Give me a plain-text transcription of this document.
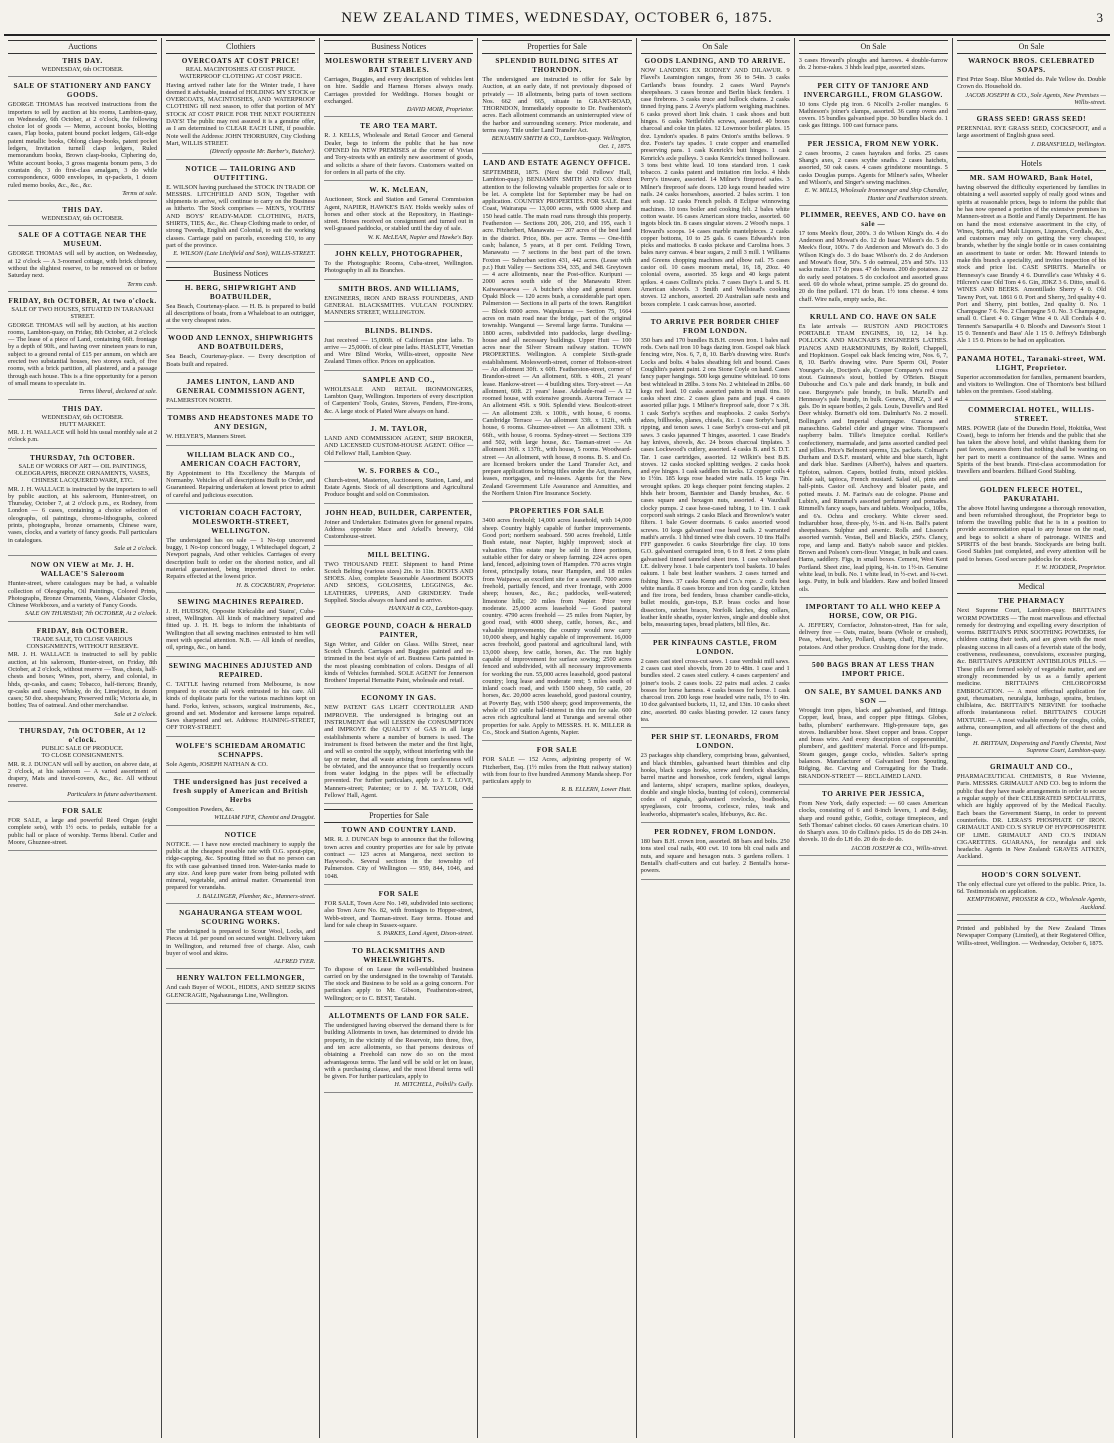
NEW ZEALAND TIMES, WEDNESDAY, OCTOBER 6, 1875.	3
Auctions
THIS DAY.
WEDNESDAY, 6th OCTOBER.
SALE OF STATIONERY AND FANCY GOODS.

GEORGE THOMAS has received instructions from the importers to sell by auction at his rooms, Lambton-quay, on Wednesday, 6th October, at 2 o'clock, the following choice lot of goods — Memo, account books, blotting cases, Flap books, patent bound pocket ledgers, Gilt-edge patent metallic books, Oblong clasp-books, patent pocket ledgers, Invitation turnell clasp ledgers, Ruled memorandum books, Brown clasp-books, Ciphering do, White account books, 3 gross magenta bonum pens, 3 do countain do, 3 do first-class amalgam, 3 do while correspondence, 6000 envelopes, in qr-packets, 1 dozen ruled memo books, &c., &c., &c.

Terms at sale.
THIS DAY.
WEDNESDAY, 6th OCTOBER.
SALE OF A COTTAGE NEAR THE MUSEUM.

GEORGE THOMAS will sell by auction, on Wednesday, at 12 o'clock — A 3-roomed cottage, with brick chimney, without the slightest reserve, to be removed on or before Saturday next.

Terms cash.
FRIDAY, 8th OCTOBER, At two o'clock.
SALE OF TWO HOUSES, SITUATED IN TARANAKI STREET.

GEORGE THOMAS will sell by auction, at his auction rooms, Lambton-quay, on Friday, 8th October, at 2 o'clock — The lease of a piece of Land, containing 66ft. frontage by a depth of 90ft., and having over nineteen years to run, subject to a ground rental of £15 per annum, on which are erected two substantial houses, two storeys each, of five rooms, with a brick partition, all plastered, and a passage through each house. This is a fine opportunity for a person of small means to speculate in.

Terms liberal, declared at sale.
THIS DAY.
WEDNESDAY, 6th OCTOBER.
HUTT MARKET.

MR. J. H. WALLACE will hold his usual monthly sale at 2 o'clock p.m.

THURSDAY, 7th OCTOBER.
SALE OF WORKS OF ART — OIL PAINTINGS, OLEOGRAPHS, BRONZE ORNAMENTS, VASES, CHINESE LACQUERED WARE, ETC.

MR. J. H. WALLACE is instructed by the importers to sell by public auction, at his saleroom, Hunter-street, on Thursday, October 7, at 2 o'clock p.m., ex Rodney, from London — 6 cases, containing a choice selection of oleographs, oil paintings, chromo-lithographs, colored prints, photographs, bronze ornaments, Chinese ware, vases, clocks, and a variety of fancy goods. Full particulars in catalogues.

Sale at 2 o'clock.
NOW ON VIEW at Mr. J. H. WALLACE'S Saleroom

Hunter-street, where catalogues may be had, a valuable collection of Oleographs, Oil Paintings, Colored Prints, Photographs, Bronze Ornaments, Vases, Alabaster Clocks, Chinese Workboxes, and a variety of Fancy Goods.

SALE ON THURSDAY, 7th OCTOBER, At 2 o'clock.
FRIDAY, 8th OCTOBER.
TRADE SALE, TO CLOSE VARIOUS CONSIGNMENTS, WITHOUT RESERVE.

MR. J. H. WALLACE is instructed to sell by public auction, at his saleroom, Hunter-street, on Friday, 8th October, at 2 o'clock, without reserve — Teas, chests, half-chests and boxes; Wines, port, sherry, and colonial, in hhds, qr-casks, and cases; Tobacco, half-tierces; Brandy, qr-casks and cases; Whisky, do do; Limejuice, in dozen cases; 50 doz. sheepshears; Preserved milk; Victoria ale, in bottles; Tea of oatmeal. And other merchandise.

Sale at 2 o'clock.
THURSDAY, 7th OCTOBER, At 12 o'clock.
PUBLIC SALE OF PRODUCE.
TO CLOSE CONSIGNMENTS.

MR. R. J. DUNCAN will sell by auction, on above date, at 2 o'clock, at his saleroom — A varied assortment of drapery, Mats and travel-covers, &c., &c. All without reserve.

Particulars in future advertisement.
FOR SALE

FOR SALE, a large and powerful Reed Organ (eight complete sets), with 1½ octs. to pedals, suitable for a public hall or place of worship. Terms liberal. Cutler and Moore, Ghuznee-street.

Clothiers
OVERCOATS AT COST PRICE!
REAL MACINTOSHES AT COST PRICE.
WATERPROOF CLOTHING AT COST PRICE.

Having arrived rather late for the Winter trade, I have deemed it advisable, instead of HOLDING MY STOCK or OVERCOATS, MACINTOSHES, AND WATERPROOF CLOTHING till next season, to offer that portion of MY STOCK AT COST PRICE FOR THE NEXT FOURTEEN DAYS! The public may rest assured it is a genuine offer, as I am determined to CLEAR EACH LINE, if possible. Note well the Address: JOHN THORBURN, City Clothing Mart, WILLIS STREET.

(Directly opposite Mr. Barber's, Butcher).
NOTICE — TAILORING AND OUTFITTING.

E. WILSON having purchased the STOCK IN TRADE OF MESSRS. LITCHFIELD AND SON, Together with shipments to arrive, will continue to carry on the Business as hitherto. The Stock comprises — MEN'S, YOUTHS' AND BOYS' READY-MADE CLOTHING, HATS, SHIRTS, TIES, &c., &c. Cheap Clothing made to order, of strong Tweeds, English and Colonial, to suit the working classes. Carriage paid on parcels, exceeding £10, to any part of the province.

E. WILSON (Late Litchfield and Son), WILLIS-STREET.
Business Notices
H. BERG, SHIPWRIGHT AND BOATBUILDER,

Sea Beach, Courtenay-place. — H. B. is prepared to build all descriptions of boats, from a Whaleboat to an outrigger, at the very cheapest rates.

WOOD AND LENNOX, SHIPWRIGHTS AND BOATBUILDERS,

Sea Beach, Courtenay-place. — Every description of Boats built and repaired.

JAMES LINTON, LAND AND GENERAL COMMISSION AGENT,

PALMERSTON NORTH.

TOMBS AND HEADSTONES MADE TO ANY DESIGN,

W. HELYER'S, Manners Street.

WILLIAM BLACK AND CO., AMERICAN COACH FACTORY,

By Appointment to His Excellency the Marquis of Normanby. Vehicles of all descriptions Built to Order, and Guaranteed. Repairing undertaken at lowest price to admit of careful and judicious execution.

VICTORIAN COACH FACTORY, MOLESWORTH-STREET, WELLINGTON.

The undersigned has on sale — 1 No-top uncovered buggy, 1 No-top concord buggy, 1 Whitechapel dogcart, 2 Newport pagnals, And other vehicles. Carriages of every description built to order on the shortest notice, and all material guaranteed, being imported direct to order. Repairs effected at the lowest price.

H. B. COCKBURN, Proprietor.
SEWING MACHINES REPAIRED.

J. H. HUDSON, Opposite Kirkcaldie and Stains', Cuba-street, Wellington. All kinds of machinery repaired and fitted up. J. H. H. begs to inform the inhabitants of Wellington that all sewing machines entrusted to him will meet with special attention. N.B. — All kinds of needles, oil, springs, &c., on hand.

SEWING MACHINES ADJUSTED AND REPAIRED.

C. TATTLE having returned from Melbourne, is now prepared to execute all work entrusted to his care. All kinds of duplicate parts for the various machines kept on hand. Forks, knives, scissors, surgical instruments, &c., ground and set. Moderator and kerosene lamps repaired. Saws sharpened and set. Address: HAINING-STREET, OFF TORY-STREET.

WOLFE'S SCHIEDAM AROMATIC SCHNAPPS.

Sole Agents, JOSEPH NATHAN & CO.

THE undersigned has just received a fresh supply of American and British Herbs

Composition Powders, &c.

WILLIAM FIFE, Chemist and Druggist.
NOTICE

NOTICE. — I have now erected machinery to supply the public at the cheapest possible rate with O.G. spout-pipe, ridge-capping, &c. Spouting fitted so that no person can fix with case galvanised tinned iron. Water-tanks made to any size. And keep pure water from being polluted with mineral, vegetable, and animal matter. Ornamental iron prepared for verandahs.

J. BALLINGER, Plumber, &c., Manners-street.
NGAHAURANGA STEAM WOOL SCOURING WORKS.

The undersigned is prepared to Scour Wool, Locks, and Pieces at 1d. per pound on secured weight. Delivery taken in Wellington, and returned free of charge. Also, cash buyer of wool and skins.

ALFRED TYER.
HENRY WALTON FELLMONGER,

And cash Buyer of WOOL, HIDES, AND SHEEP SKINS GLENCRAGIE, Ngahauranga Line, Wellington.

Business Notices
MOLESWORTH STREET LIVERY AND BAIT STABLES.

Carriages, Buggies, and every description of vehicles lent on hire. Saddle and Harness Horses always ready. Carriages provided for Weddings. Horses bought or exchanged.

DAVID MOIR, Proprietor.
TE ARO TEA MART.

R. J. KELLS, Wholesale and Retail Grocer and General Dealer, begs to inform the public that he has now OPENED his NEW PREMISES at the corner of Vivian and Tory-streets with an entirely new assortment of goods, and solicits a share of their favors. Customers waited on for orders in all parts of the city.

W. K. McLEAN,

Auctioneer, Stock and Station and General Commission Agent, NAPIER, HAWKE'S BAY. Holds weekly sales of horses and other stock at the Repository, in Hastings-street. Horses received on consignment and turned out in well-grassed paddocks, or stabled until the day of sale.

W. K. McLEAN, Napier and Hawke's Bay.
JOHN KELLY, PHOTOGRAPHER,

To the Photographic Rooms, Cuba-street, Wellington. Photography in all its Branches.

SMITH BROS. AND WILLIAMS,

ENGINEERS, IRON AND BRASS FOUNDERS, AND GENERAL BLACKSMITHS. VULCAN FOUNDRY. MANNERS STREET, WELLINGTON.

BLINDS. BLINDS.

Just received — 15,000ft. of Californian pine laths. To arrive — 25,000ft. of clear pine laths. HASLETT, Venetian and Wire Blind Works, Willis-street, opposite New Zealand Times office. Prices on application.

SAMPLE AND CO.,

WHOLESALE AND RETAIL IRONMONGERS, Lambton Quay, Wellington. Importers of every description of Carpenters' Tools, Grates, Stoves, Fenders, Fire-irons, &c. A large stock of Plated Ware always on hand.

J. M. TAYLOR,

LAND AND COMMISSION AGENT, SHIP BROKER, AND LICENSED CUSTOM-HOUSE AGENT. Office — Old Fellows' Hall, Lambton Quay.

W. S. FORBES & CO.,

Church-street, Masterton, Auctioneers, Station, Land, and Estate Agents. Stock of all descriptions and Agricultural Produce bought and sold on Commission.

JOHN HEAD, BUILDER, CARPENTER,

Joiner and Undertaker. Estimates given for general repairs. Address opposite Mace and Arkell's brewery, Old Customhouse-street.

MILL BELTING.

TWO THOUSAND FEET. Shipment to hand Prime Scotch Belting (various sizes) 2in. to 11in. BOOTS AND SHOES. Also, complete Seasonable Assortment BOOTS AND SHOES, GOLOSHES, LEGGINGS, &c. LEATHERS, UPPERS, AND GRINDERY. Trade Supplied. Stocks always on hand and to arrive.

HANNAH & CO., Lambton-quay.
GEORGE POUND, COACH & HERALD PAINTER,

Sign Writer, and Gilder on Glass. Willis Street, near Scotch Church. Carriages and Buggies painted and re-trimmed in the best style of art. Business Carts painted in the most pleasing combination of colors. Designs of all kinds of Vehicles furnished. SOLE AGENT for Jennerson Brothers' Imperial Hematite Paint, wholesale and retail.

ECONOMY IN GAS.

NEW PATENT GAS LIGHT CONTROLLER AND IMPROVER. The undersigned is bringing out an INSTRUMENT that will LESSEN the CONSUMPTION and IMPROVE the QUALITY of GAS in all large establishments where a number of burners is used. The instrument is fixed between the meter and the first light, and will so control the supply, without interfering with the tap or meter, that all waste arising from carelessness will be obviated, and the annoyance that so frequently occurs from water lodging in the pipes will be effectually prevented. For further particulars, apply to J. T. LOVE, Manners-street; Patentee; or to J. M. TAYLOR, Odd Fellows' Hall, Agent.

Properties for Sale
TOWN AND COUNTRY LAND.

MR. R. J. DUNCAN begs to announce that the following town acres and country properties are for sale by private contract — 123 acres at Mangaroa, next section to Haywood's. Several sections in the township of Palmerston. City of Wellington — 959, 844, 1046, and 1048.

FOR SALE

FOR SALE, Town Acre No. 149, subdivided into sections; also Town Acre No. 82, with frontages to Hopper-street, Webb-street, and Tasman-street. Easy terms. House and land for sale cheap in Sussex-square.

S. PARKES, Land Agent, Dixon-street.
TO BLACKSMITHS AND WHEELWRIGHTS.

To dispose of on Lease the well-established business carried on by the undersigned in the township of Taratahi. The stock and Business to be sold as a going concern. For particulars apply to Mr. Gibson, Featherston-street, Wellington; or to C. BEST, Taratahi.

ALLOTMENTS OF LAND FOR SALE.

The undersigned having observed the demand there is for building Allotments in town, has determined to divide his property, in the vicinity of the Reservoir, into three, five, and ten acre allotments, so that persons desirous of obtaining a Freehold can now do so on the most advantageous terms. The land will be sold or let on lease, with a purchasing clause, and the most liberal terms will be given. For further particulars, apply to

H. MITCHELL, Polhill's Gully.
Properties for Sale
SPLENDID BUILDING SITES AT THORNDON.

The undersigned are instructed to offer for Sale by Auction, at an early date, if not previously disposed of privately — 18 allotments, being parts of town sections Nos. 662 and 665, situate in GRANT-ROAD, THORNDON, Immediately opposite to Dr. Featherston's acres. Each allotment commands an uninterrupted view of the harbor and surrounding scenery. Price moderate, and terms easy. Title under Land Transfer Act.

BENJAMIN SMITH & CO., Lambton-quay. Wellington, Oct. 1, 1875.
LAND AND ESTATE AGENCY OFFICE.

SEPTEMBER, 1875. (Next the Odd Fellows' Hall, Lambton-quay.) BENJAMIN SMITH AND CO. direct attention to the following valuable properties for sale or to be let. A complete list for September may be had on application. COUNTRY PROPERTIES. FOR SALE. East Coast, Wairarapa — 13,000 acres, with 6000 sheep and 150 head cattle. The main road runs through this property. Featherston — Sections 200, 206, 210, and 195, each 1 acre. Fitzherbert, Manawatu — 207 acres of the best land in the district. Price, 80s. per acre. Terms — One-fifth cash; balance, 5 years, at 8 per cent. Feilding Town, Manawatu — 7 sections in the best part of the town. Foxton — Suburban section 431, 442 acres. (Lease with p.r.) Hutt Valley — Sections 334, 335, and 348. Greytown — 4 acre allotments, near the Post-office. Kuripuni — 2000 acres south side of the Manawatu River. Kaiwaewaewa — A butcher's shop and general store. Opaki Block — 120 acres bush, a considerable part open. Palmerston — Sections in all parts of the town. Rangitikei — Block 6000 acres. Waipukurau — Section 75, 1664 acres on main road near the bridge, part of the original township. Wanganui — Several large farms. Turakina — 1800 acres, subdivided into paddocks, large dwelling-house and all necessary buildings. Upper Hutt — 100 acres near the Silver Stream railway station. TOWN PROPERTIES. Wellington. A complete Sixth-grade establishment. Molesworth-street, corner of Hobson-street — An allotment 30ft. x 60ft. Featherston-street, corner of Brandon-street — An allotment, 60ft. x 40ft., 21 years' lease. Hankow-street — 4 building sites. Tory-street — An allotment, 60ft. 21 years' lease. Adelaide-road — A 12 roomed house, with extensive grounds. Aurora Terrace — An allotment 45ft. x 90ft. Splendid view. Boulcott-street — An allotment 23ft. x 100ft., with house, 6 rooms. Cambridge Terrace — An allotment 33ft. x 112ft., with house, 6 rooms. Ghuznee-street — An allotment 33ft. x 66ft., with house, 6 rooms. Sydney-street — Sections 339 and 502, with large house, &c. Tasman-street — An allotment 36ft. x 137ft., with house, 5 rooms. Woodward-street — An allotment, with house, 8 rooms. B. S. and Co. are licensed brokers under the Land Transfer Act, and prepare applications to bring titles under the Act, transfers, leases, mortgages, and re-leases. Agents for the New Zealand Government Life Assurance and Annuities, and the Northern Union Fire Insurance Society.

PROPERTIES FOR SALE

3400 acres freehold; 14,000 acres leasehold, with 14,000 sheep. Country highly capable of further improvements. Good port; northern seaboard. 590 acres freehold, Little Bush estate, near Napier, highly improved; stock at valuation. This estate may be sold in three portions, suitable either for dairy or sheep farming. 224 acres open land, fenced, adjoining town of Hampden. 770 acres virgin forest, principally totara, near Hampden, and 18 miles from Waipawa; an excellent site for a sawmill. 7000 acres freehold, partially fenced, and river frontage, with 2000 sheep; houses, &c., &c.; paddocks, well-watered; limestone hills; 20 miles from Napier. Price very moderate. 25,000 acres leasehold — Good pastoral country. 4790 acres freehold — 25 miles from Napier, by good road, with 4000 sheep, cattle, horses, &c., and valuable improvements; the country would now carry 10,000 sheep, and highly capable of improvement. 16,000 acres freehold, good pastoral and agricultural land, with 13,000 sheep, few cattle, horses, &c. The run highly capable of improvement for surface sowing; 2500 acres fenced and subdivided, with all necessary improvements for working the run. 55,000 acres leasehold, good pastoral country; long lease and moderate rent; 5 miles south of inland coach road, and with 1500 sheep, 50 cattle, 20 horses, &c. 20,000 acres leasehold, good pastoral country, at Poverty Bay, with 1500 sheep; good improvements, the whole of 150 cattle half-interest in this run for sale. 600 acres rich agricultural land at Turanga and several other properties for sale. Apply to MESSRS. H. K. MILLER & Co., Stock and Station Agents, Napier.

FOR SALE

FOR SALE — 152 Acres, adjoining property of W. Fitzherbert, Esq. (1½ miles from the Hutt railway station) with from four to five hundred Ammony Manda sheep. For particulars apply to

R. B. ELLERN, Lower Hutt.
On Sale
GOODS LANDING, AND TO ARRIVE.

NOW LANDING EX RODNEY AND DILAWUR. 9 Flavel's Leamington ranges, from 36 to 54in. 3 casks Cartland's brass foundry. 2 cases Ward Payne's sheepshears. 3 cases bronze and Berlin black fenders. 1 case firebrons. 3 casks truce and bullock chains. 2 casks tinned frying pans. 2 Avery's platform weighing machines. 6 casks proved short link chain. 1 cask shoes and butt hinges. 6 casks Nettlefold's screws, assorted. 40 boxes charcoal and coke tin plates. 12 Lowmoor boiler plates. 15 doz. Lyndon's spades. 8 pairs Onion's smiths bellows. 9 doz. Foster's tay spades. 1 crate copper and enamelled preserving pans. 1 cask Kenrick's butt hinges. 1 cask Kenrick's axle pulleys. 3 casks Kenrick's tinned holloware. 3 tons best white lead. 10 tons standard iron. 1 cask tobacco. 2 casks patent and imitation rim locks. 4 hhds Perry's tinware, assorted. 14 Milner's fireproof safes. 3 Milner's fireproof safe doors. 120 kegs round headed wire nails. 24 casks horseshoes, assorted. 2 bales scrim. 1 ton soft soap. 12 casks French polish. 8 Eclipse winnowing machines. 10 tons boiler and cooking felt. 2 bales white cotton waste. 16 cases American store tracks, assorted. 60 ingots block tin. 8 cases singular stoves. 2 Wood's rasps. 1 Howard's scoops. 14 cases marble mantelpieces. 2 casks copper bottoms, 10 to 25 gals. 6 cases Edwards's iron picks and mattocks. 8 casks pickaxe and Carolina hoes. 3 bales navy canvas. 4 bear sugars, 2 mill 3 mill. 1 Williams and Greens chopping machines and elbow rail. 75 cases castor oil. 10 cases mooram metal, 16, 18, 20oz. 40 colonial ovens, assorted. 35 kegs and 40 kegs patent spikes. 4 cases Collins's picks. 7 cases Day's L and S. H. American shovels. 3 Smith and Wellstead's cooking stoves. 12 anchors, assorted. 20 Australian safe nests and boxes complete. 1 cask canvas hose, assorted.

TO ARRIVE PER BORDER CHIEF FROM LONDON.

350 bars and 170 bundles B.B.H. crown iron. 1 bales nail rods. Cwts nail iron 10 bags dazing iron. Gospel oak black fencing wire, Nos. 6, 7, 8, 10. Barb's drawing wire. Rust's Locks and bolts. 4 bales sheathing felt and bound. Cases Coughlin's patent paint. 2 ons Stone Coyle on hand. Cases fancy paper hangings. 500 kegs genuine whitelead. 10 tons best whitelead in 28lbs. 3 tons No. 2 whitelead in 28lbs. 60 kegs red lead. 10 casks assorted paints in small tins. 10 casks sheet zinc. 2 cases glass pans and jugs. 4 cases assorted pillar jugs. 1 Milner's fireproof safe, door 7 x 3ft. 1 cask Sorby's scythes and reapbooks. 2 casks Sorby's adzes, billhooks, planes, chisels, &c. 1 case Sorby's hand, ripping, and tenon saws. 1 case Sorby's cross-cut and pit saws. 3 casks japanned T hinges, assorted. 1 case Brade's hay knives, shovels, &c. 24 boxes charcoal tinplates. 3 cases Lockwood's cutlery, assorted. 4 casks B. and S. D.T. Tar. 1 case cartridges, assorted. 12 Wilkin's best B.B. stoves. 12 casks stocked splitting wedges. 2 casks hook and eye hinges. 1 cask saddlers tin tacks. 12 copper coils 4 to 1½in. 185 kegs rose headed wire nails. 15 kegs 7in. wrought spikes. 20 kegs chequer point fencing staples. 2 hhds heir broom, Bannister and Dandy brushes, &c. 6 cases square and hexagon nuts, assorted. 4 Vauxhall clocky pumps. 2 case hose-cased tubing, 1 to 1in. 1 cask corpcord sash strings. 2 casks Black and Brownlow's water filters. 1 bale Gower doormats. 6 casks assorted wood screws. 10 kegs galvanised rose head nails. 2 warranted mathi's anvils. 1 hhd tinned wire dish covers. 10 tins Hall's FFF gunpowder. 6 casks Stourbridge fire clay. 10 tons G.O. galvanised corrugated iron, 6 to 8 feet. 2 tons plain galvanised tinned tanneled sheet iron. 1 case voltaneised I.E. delivery hose. 1 bale carpenter's tool baskets. 10 bales oakum. 1 bale best leather washers. 2 cases turned and fishing lines. 37 casks Kemp and Co.'s rope. 2 coils best white manila. 8 cases bronze and iron dog candle, kitchen and fire irons, bed fenders, brass chamber candle-sticks, bullet moulds, gun-tops, B.P. brass cocks and hose dissectors, ratchet braces, Norfolk latches, dog collars, leather knife sheaths, oyster knives, single and double shot belts, measuring tapes, bread platters, bill files, &c.

PER KINFAUNS CASTLE, FROM LONDON.

2 cases cast steel cross-cut saws. 1 case verdiski mill saws. 2 cases cast steel shovels, from 20 to 48in. 1 case and 1 bundles steel. 2 cases steel cutlery. 4 cases carpenters' and joiner's tools. 2 cases tools. 22 pairs mail axles. 2 casks bosses for horse harness. 4 casks bosses for horse. 1 cask charcoal iron. 200 kegs rose headed wire nails, 1½ to 4in. 10 doz galvanised buckets, 11, 12, and 13in. 10 casks sheet zinc, assorted. 80 casks blasting powder. 12 cases fancy tea.

PER SHIP ST. LEONARDS, FROM LONDON.

23 packages ship chandlery, comprising brass, galvanised, and black thimbles, galvanised heart thimbles and clip hooks, black cargo hooks, screw and forelock shackles, barrel marine and horseshoe, cork fenders, signal lamps and lanterns, ships' scrapers, marline spikes, deadeyes, double and single blocks, bunting (of colors), commercial codes of signals, galvanised rowlocks, boathooks, spyeglasses, coir brooms, corlesce, rules, teak and leadworks, shipmaster's scales, lifebuoys, &c. &c.

PER RODNEY, FROM LONDON.

180 bars B.H. crown iron, assorted. 88 bars and bolts. 250 tons steel coal nails, 400 cwt. 10 tons blt coal nails and nuts, and square and hexagon nuts. 3 gardens rollers. 1 Bentall's chaff-cutters and cut barley. 2 Bentall's horse-powers.

On Sale

3 cases Howard's ploughs and harrows. 4 double-furrow do. 2 horse-rakes. 3 hhds lead pipe, assorted sizes.

PER CITY OF TANJORE AND INVERCARGILL, FROM GLASGOW.

10 tons Clyde pig iron. 6 Nicoll's 2-roller mangles. 6 Mathieson's joiner's clamps, assorted. 36 camp ovens and covers. 15 bundles galvanised pipe. 30 bundles black do. 1 cask gas fittings. 100 cast furnace pans.

PER JESSICA, FROM NEW YORK.

2 cases brooms, 2 cases hayrakes and forks. 25 cases Shang's axes, 2 cases scythe snaths. 2 cases hatchets, assorted, 50 oak cases. 4 cases grindstone mountings. 5 casks Douglas pumps. Agents for Milner's safes, Wheeler and Wilson's, and Singer's sewing machines.

E. W. MILLS, Wholesale Ironmonger and Ship Chandler, Hunter and Featherston streets.
PLIMMER, REEVES, AND CO. have on sale —

17 tons Meek's flour, 200's. 3 do Wilson King's do. 4 do Anderson and Mowat's do. 12 do Isaac Wilson's do. 5 do Meek's flour, 100's. 7 do Anderson and Mowat's do. 3 do Wilson King's do. 3 do Isaac Wilson's do. 2 do Anderson and Mowat's flour, 50's. 5 do oatmeal, 25's and 50's. 113 sacks maize. 117 do peas. 47 do beans. 200 do potatoes. 22 do early seed potatoes. 5 do cocksfoot and assorted grass seed. 69 do whole wheat, prime sample. 25 do ground do. 20 do fine pollard. 171 do bran. 1½ tons cheese. 4 tons chaff. Wire nails, empty sacks, &c.

KRULL AND CO. HAVE ON SALE

Ex late arrivals — RUSTON AND PROCTOR'S PORTABLE TEAM ENGINES, 10, 12, 14 h.p. POLLOCK AND MACNAB'S ENGINEER'S LATHES. PIANOS AND HARMONIUMS, By Roloff, Chappell, and Hopkinson. Gospel oak black fencing wire, Nos. 6, 7, 8, 10. Barb's drawing wire. Pure Sperm Oil, Poster Younger's ale, Doctjen's ale, Cooper Company's red cross stout. Guinness's stout, bottled by O'Brien. Bisquit Dubouche and Co.'s pale and dark brandy, in bulk and case. Burgoyne's pale brandy, in bulk. Martell's and Hennessy's pale brandy, in bulk. Geneva, JDKZ, 3 and 4 gals. Do in square bottles, 2 gals. Louis, Duvelle's and Red Deer whisky. Burnett's old tom. Dalmhart's No. 2 mosell. Bollinger's and Imperial champagne. Curacoa and maraschino. Gabriel cider and ginger wine. Thompson's raspberry balm. Tillie's limejuice cordial. Keiller's confectionery, marmalade, and jams assorted candied peel and jellies. Price's Belmont sperms, 12s. packets. Colman's Durham and D.S.F. mustard, white and blue starch, light and dark blue. Sardines (Albert's), halves and quarters. Epfoton, salmon. Capers, bottled fruits, mixed pickles. Table salt, tapioca, French mustard. Salad oil, pints and half-pints. Castor oil. Anchovy and bloater paste, and potted meats. J. M. Farina's eau de cologne. Pisuse and Lubin's, and Rimmel's assorted perfumery and pomades. Rimmell's fancy soaps, bars and tablets. Woolpacks, 10lbs, and 6's. Ochra and crockery. White clover seed. Indiarubber hose, three-ply, ½-in. and ¾-in. Ball's patent sheepshears. Sulphur and arsenic. Rolls and Lissom's assorted varnish. Vestas, Bell and Black's, 250's. Clancy, rope, and lamp and. Batty's nabob sauce and pickles. Brown and Polson's corn-flour. Vinegar, in bulk and cases. Hams, saddlery. Figs, in small boxes. Cement, West Kent Portland. Sheet zinc, lead piping, ¾-in. to 1½-in. Genuine white lead, in bulk. No. 1 white lead, in ½-cwt. and ¼-cwt. kegs. Putty, in bulk and bladders. Raw and boiled linseed oils.

IMPORTANT TO ALL WHO KEEP A HORSE, COW, OR PIG.

A. JEFFERY, Cornfactor, Johnston-street, Has for sale, delivery free — Oats, maize, beans (Whole or crushed), Peas, wheat, barley, Pollard, sharps, chaff, Hay, straw, potatoes. And other produce. Crushing done for the trade.

500 BAGS BRAN AT LESS THAN IMPORT PRICE.
ON SALE, BY SAMUEL DANKS AND SON —

Wrought iron pipes, black and galvanised, and fittings. Copper, lead, brass, and copper pipe fittings. Globes, baths, plumbers' earthenware. High-pressure taps, gas stoves. Indiarubber hose. Sheet copper and brass. Copper and brass wire. And every description of coppersmiths', plumbers', and gasfitters' material. Force and lift-pumps. Steam gauges, gauge cocks, whistles. Salter's spring balances. Manufacturer of Galvanised Iron Spouting, Ridging, &c. Carving and Corrugating for the Trade. BRANDON-STREET — RECLAIMED LAND.

TO ARRIVE PER JESSICA,

From New York, daily expected: — 60 cases American clocks, consisting of 6 and 8-inch levers, 1 and 8-day, sharp and round gothic, Gothic, cottage timepieces, and Seth Thomas' cabinet clocks. 60 cases American chairs. 10 do Sharp's axes. 10 do Collins's picks. 15 do do DB 24-in. shovels. 10 do do LH do. 20 do do do do.

JACOB JOSEPH & CO., Willis-street.
On Sale
WARNOCK BROS. CELEBRATED SOAPS.

First Prize Soap. Blue Mottled do. Pale Yellow do. Double Crown do. Household do.

JACOB JOSEPH & CO., Sole Agents, New Premises — Willis-street.
GRASS SEED! GRASS SEED!

PERENNIAL RYE GRASS SEED, COCKSFOOT, and a large assortment of English grass seed.

J. DRANSFIELD, Wellington.
Hotels
MR. SAM HOWARD, Bank Hotel,

having observed the difficulty experienced by families in obtaining a well assorted supply of really good wines and spirits at reasonable prices, begs to inform the public that he has now opened a portion of the extensive premises in Manners-street as a Bottle and Family Department. He has on hand the most extensive assortment in the city, of Wines, Spirits, and Malt Liquors, Liqueurs, Cordials, &c., and customers may rely on getting the very cheapest brands, whether by the single bottle or in cases containing an assortment to taste or order. Mr. Howard intends to make this branch a speciality, and invites inspection of his stock and price list. CASE SPIRITS. Martell's or Hennessy's case Brandy 4 6. Dunville's case Whisky 4 6. Hilcren's case Old Tom 4 6. Gin, JDKZ 3 6. Ditto, small 6. WINES AND BEERS. Amontillado Sherry 4 0. Old Tawny Port, vat. 1861 6 0. Port and Sherry, 3rd quality 4 0. Port and Sherry, pint bottles, 2nd quality 0. No. 1 Champagne 7 6. No. 2 Champagne 5 0. No. 3 Champagne, small 0. Claret 4 0. Ginger Wine 4 0. All Cordials 4 0. Tennent's Sarsaparilla 4 0. Blood's and Dawson's Stout 1 15 0. Tennent's and Bass' Ale 1 15 0. Jeffrey's Edinburgh Ale 1 15 0. Prices to be had on application.

PANAMA HOTEL, Taranaki-street, WM. LIGHT, Proprietor.

Superior accommodation for families, permanent boarders, and visitors to Wellington. One of Thornton's best billiard tables on the premises. Good stabling.

COMMERCIAL HOTEL, WILLIS-STREET.

MRS. POWER (late of the Dunedin Hotel, Hokitika, West Coast), begs to inform her friends and the public that she has taken the above hotel, and whilst thanking them for past favors, assures them that nothing shall be wanting on her part to merit a continuance of the same. Wines and Spirits of the best brands. First-class accommodation for travellers and boarders. Billiard Good Stabling.

GOLDEN FLEECE HOTEL, PAKURATAHI.

The above Hotel having undergone a thorough renovation, and been refurnished throughout, the Proprietor begs to inform the travelling public that he is in a position to provide accommodation equal to any house on the road, and begs to solicit a share of patronage. WINES and SPIRITS of the best brands. Stockyards are being built. Good Stables just completed, and every attention will be paid to horses. Good secure paddocks for stock.

F. W. HODDER, Proprietor.
Medical
THE PHARMACY

Next Supreme Court, Lambton-quay. BRITTAIN'S WORM POWDERS — The most marvellous and effectual remedy for destroying and expelling every description of worms. BRITTAIN'S PINK SOOTHING POWDERS, for children cutting their teeth, and are given with the most pleasing success in all cases of a feverish state of the body, costiveness, restlessness, convulsions, excessive purging, &c. BRITTAIN'S APERIENT ANTIBILIOUS PILLS. — These pills are formed solely of vegetable matter, and are strongly recommended by us as a family aperient medicine. BRITTAIN'S CHLOROFORM EMBROCATION. — A most effectual application for gout, rheumatism, neuralgia, lumbago, sprains, bruises, chilblains, &c. BRITTAIN'S NERVINE for toothache affords instantaneous relief. BRITTAIN'S COUGH MIXTURE. — A most valuable remedy for coughs, colds, asthma, consumption, and all affections of the chest and lungs.

H. BRITTAIN, Dispensing and Family Chemist, Next Supreme Court, Lambton-quay.
GRIMAULT AND CO.,

PHARMACEUTICAL CHEMISTS, 8 Rue Vivienne, Paris. MESSRS. GRIMAULT AND CO. beg to inform the public that they have made arrangements in order to secure a regular supply of their CELEBRATED SPECIALITIES, which are highly approved of by the Medical Faculty. Each bears the Government Stamp, in order to prevent counterfeits. DR. LERAS'S PHOSPHATE OF IRON. GRIMAULT AND CO.'S SYRUP OF HYPOPHOSPHITE OF LIME. GRIMAULT AND CO.'S INDIAN CIGARETTES. GUARANA, for neuralgia and sick headache. Agents in New Zealand: GRAVES AITKEN, Auckland.

HOOD'S CORN SOLVENT.

The only effectual cure yet offered to the public. Price, 1s. 6d. Testimonials on application.

KEMPTHORNE, PROSSER & CO., Wholesale Agents, Auckland.
Printed and published by the New Zealand Times Newspaper Company (Limited), at their Registered Office, Willis-street, Wellington. — Wednesday, October 6, 1875.
